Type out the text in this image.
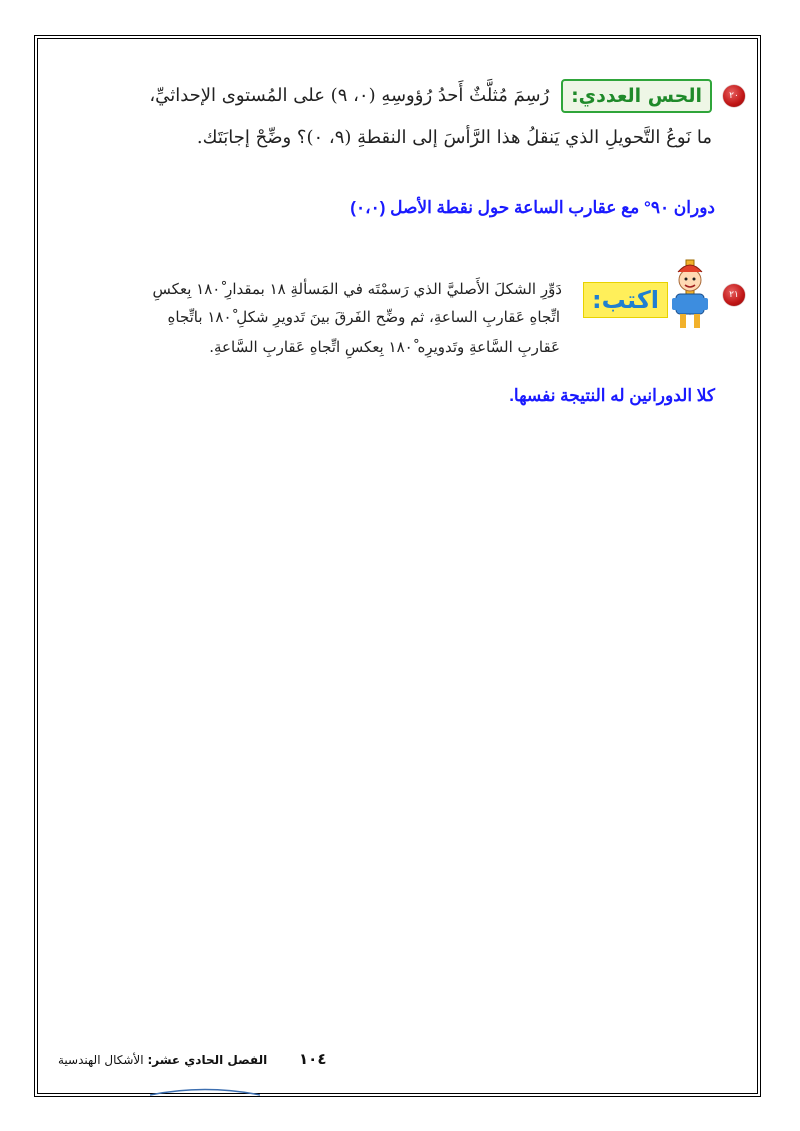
٢٠
الحس العددي: رُسِمَ مُثلَّثٌ أَحدُ رُؤوسِهِ (٠، ٩) على المُستوى الإحداثيِّ،
ما نَوعُ التَّحويلِ الذي يَنقلُ هذا الرَّأسَ إلى النقطةِ (٩، ٠)؟ وضِّحْ إجابَتَك.
دوران ٩٠° مع عقارب الساعة حول نقطة الأصل (٠،٠)
٢١
اكتب:
دَوِّرِ الشكلَ الأَصليَّ الذي رَسمْتَه في المَسألةِ ١٨ بمقدارِ ١٨٠ْ بِعكسِ
اتِّجاهِ عَقاربِ الساعةِ، ثم وضِّح الفَرقَ بينَ تَدويرِ شكلِ ١٨٠ْ باتِّجاهِ
عَقاربِ السَّاعةِ وتَدويرِه ١٨٠ْ بِعكسِ اتِّجاهِ عَقاربِ السَّاعةِ.
كلا الدورانين له النتيجة نفسها.
١٠٤ الفصل الحادي عشر: الأشكال الهندسية
